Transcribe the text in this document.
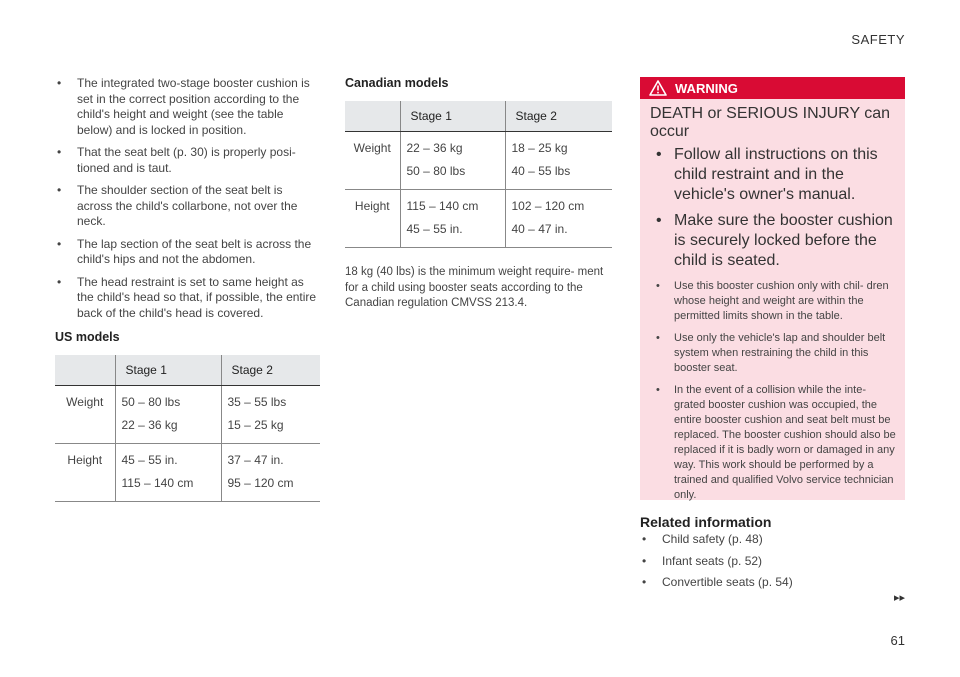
SAFETY
• The integrated two-stage booster cushion is set in the correct position according to the child's height and weight (see the table below) and is locked in position.
• That the seat belt (p. 30) is properly posi- tioned and is taut.
• The shoulder section of the seat belt is across the child's collarbone, not over the neck.
• The lap section of the seat belt is across the child's hips and not the abdomen.
• The head restraint is set to same height as the child's head so that, if possible, the entire back of the child's head is covered.

US models

	Stage 1	Stage 2
Weight	50 – 80 lbs	35 – 55 lbs
	22 – 36 kg	15 – 25 kg
Height	45 – 55 in.	37 – 47 in.
	115 – 140 cm	95 – 120 cm

Canadian models

	Stage 1	Stage 2
Weight	22 – 36 kg	18 – 25 kg
	50 – 80 lbs	40 – 55 lbs
Height	115 – 140 cm	102 – 120 cm
	45 – 55 in.	40 – 47 in.

18 kg (40 lbs) is the minimum weight require- ment for a child using booster seats according to the Canadian regulation CMVSS 213.4.

WARNING
DEATH or SERIOUS INJURY can occur
• Follow all instructions on this child restraint and in the vehicle's owner's manual.
• Make sure the booster cushion is securely locked before the child is seated.
• Use this booster cushion only with chil- dren whose height and weight are within the permitted limits shown in the table.
• Use only the vehicle's lap and shoulder belt system when restraining the child in this booster seat.
• In the event of a collision while the inte- grated booster cushion was occupied, the entire booster cushion and seat belt must be replaced. The booster cushion should also be replaced if it is badly worn or damaged in any way. This work should be performed by a trained and qualified Volvo service technician only.
Related information
• Child safety (p. 48)
• Infant seats (p. 52)
• Convertible seats (p. 54)
▸▸
61
